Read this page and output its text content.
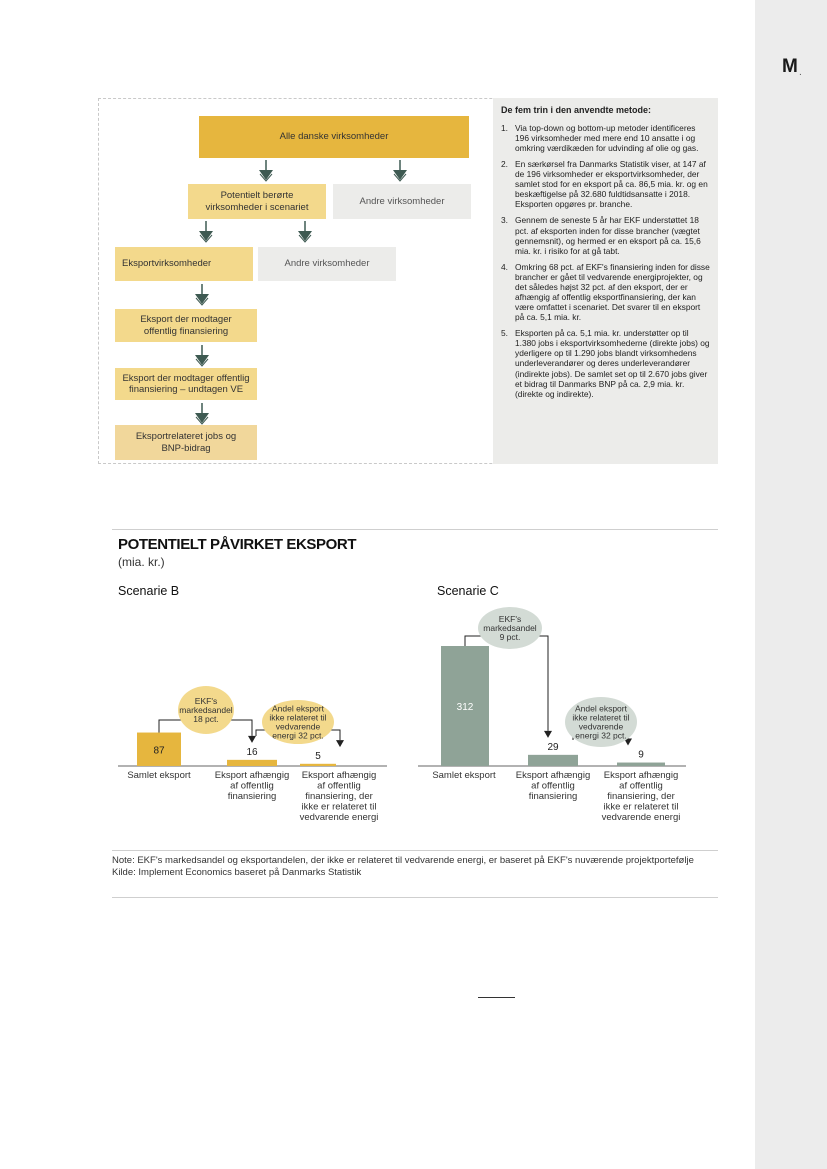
M .
Alle danske virksomheder
Potentielt berørte virksomheder i scenariet
Andre virksomheder
Eksportvirksomheder	Andre virksomheder
Eksport der modtager offentlig finansiering
Eksport der modtager offentlig finansiering – undtagen VE
Eksportrelateret jobs og BNP-bidrag
De fem trin i den anvendte metode:
1. Via top-down og bottom-up metoder identificeres 196 virksomheder med mere end 10 ansatte i og omkring værdikæden for udvinding af olie og gas.
2. En særkørsel fra Danmarks Statistik viser, at 147 af de 196 virksomheder er eksportvirksomheder, der samlet stod for en eksport på ca. 86,5 mia. kr. og en beskæftigelse på 32.680 fuldtidsansatte i 2018. Eksporten opgøres pr. branche.
3. Gennem de seneste 5 år har EKF understøttet 18 pct. af eksporten inden for disse brancher (vægtet gennemsnit), og hermed er en eksport på ca. 15,6 mia. kr. i risiko for at gå tabt.
4. Omkring 68 pct. af EKF's finansiering inden for disse brancher er gået til vedvarende energiprojekter, og det således højst 32 pct. af den eksport, der er afhængig af offentlig eksportfinansiering, der kan være omfattet i scenariet. Det svarer til en eksport på ca. 5,1 mia. kr.
5. Eksporten på ca. 5,1 mia. kr. understøtter op til 1.380 jobs i eksportvirksomhederne (direkte jobs) og yderligere op til 1.290 jobs blandt virksomhedens underleverandører og deres underleverandører (indirekte jobs). De samlet set op til 2.670 jobs giver et bidrag til Danmarks BNP på ca. 2,9 mia. kr. (direkte og indirekte).
POTENTIELT PÅVIRKET EKSPORT
(mia. kr.)
Scenarie B	Scenarie C
EKF's markedsandel 18 pct.
Andel eksport ikke relateret til vedvarende energi 32 pct.
87
Samlet eksport
16
Eksport afhængig af offentlig finansiering
5
Eksport afhængig af offentlig finansiering, der ikke er relateret til vedvarende energi
EKF's markedsandel 9 pct.
Andel eksport ikke relateret til vedvarende energi 32 pct.
312
Samlet eksport
29
Eksport afhængig af offentlig finansiering
9
Eksport afhængig af offentlig finansiering, der ikke er relateret til vedvarende energi
Note: EKF's markedsandel og eksportandelen, der ikke er relateret til vedvarende energi, er baseret på EKF's nuværende projektportefølje
Kilde: Implement Economics baseret på Danmarks Statistik
